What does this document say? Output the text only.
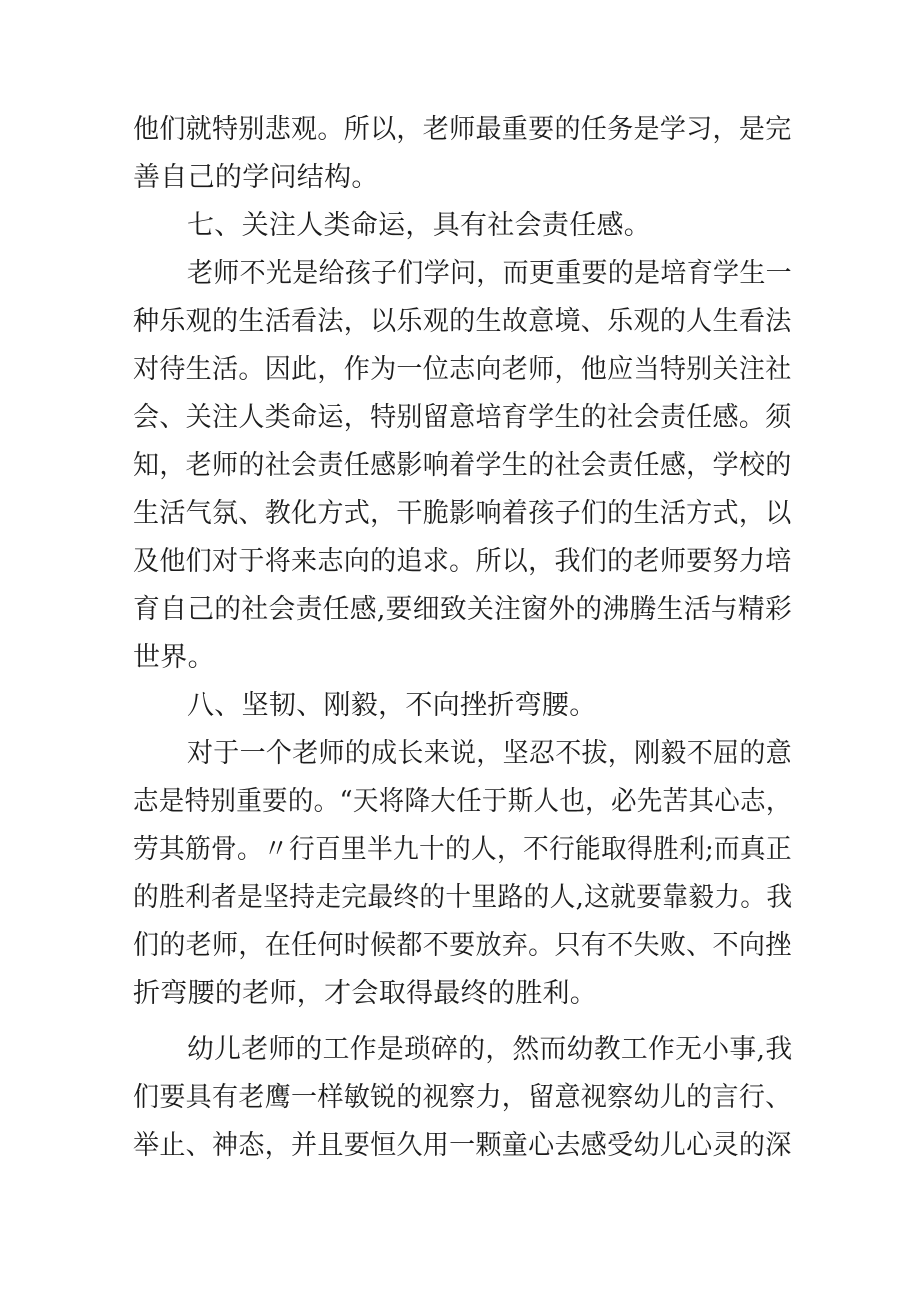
他们就特别悲观。所以，老师最重要的任务是学习，是完
善自己的学问结构。
七、关注人类命运，具有社会责任感。
老师不光是给孩子们学问，而更重要的是培育学生一
种乐观的生活看法，以乐观的生故意境、乐观的人生看法
对待生活。因此，作为一位志向老师，他应当特别关注社
会、关注人类命运，特别留意培育学生的社会责任感。须
知，老师的社会责任感影响着学生的社会责任感，学校的
生活气氛、教化方式，干脆影响着孩子们的生活方式，以
及他们对于将来志向的追求。所以，我们的老师要努力培
育自己的社会责任感,要细致关注窗外的沸腾生活与精彩
世界。
八、坚韧、刚毅，不向挫折弯腰。
对于一个老师的成长来说，坚忍不拔，刚毅不屈的意
志是特别重要的。“天将降大任于斯人也，必先苦其心志，
劳其筋骨。〃行百里半九十的人，不行能取得胜利;而真正
的胜利者是坚持走完最终的十里路的人,这就要靠毅力。我
们的老师，在任何时候都不要放弃。只有不失败、不向挫
折弯腰的老师，才会取得最终的胜利。
幼儿老师的工作是琐碎的，然而幼教工作无小事,我
们要具有老鹰一样敏锐的视察力，留意视察幼儿的言行、
举止、神态，并且要恒久用一颗童心去感受幼儿心灵的深
